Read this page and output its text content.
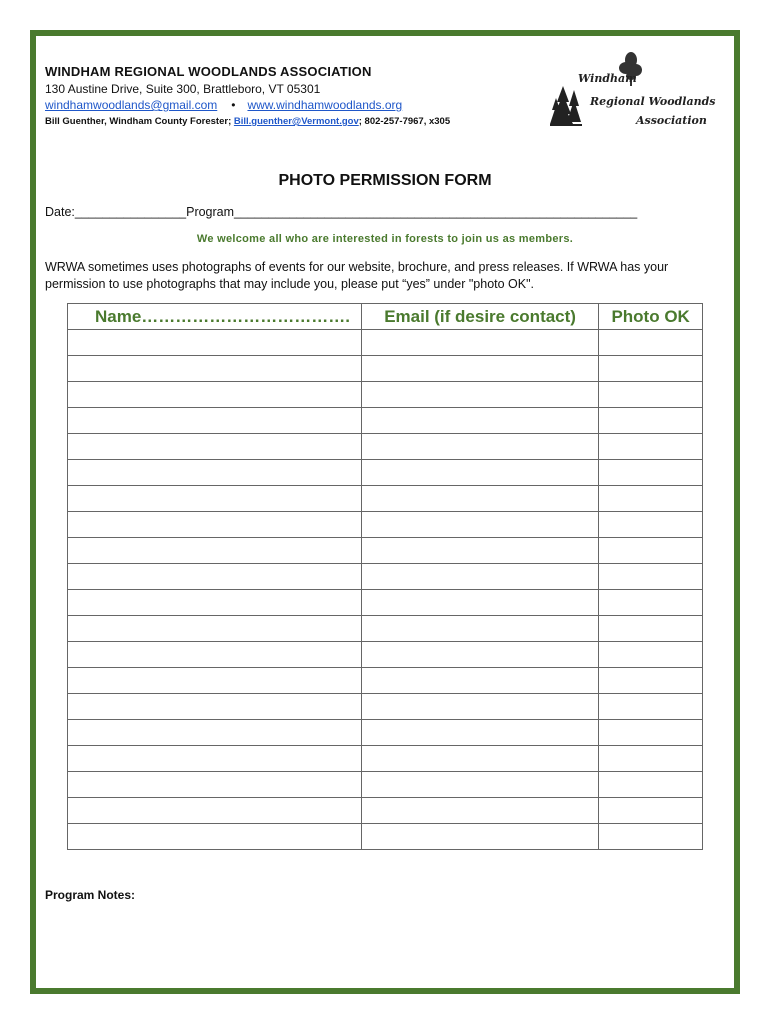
WINDHAM REGIONAL WOODLANDS ASSOCIATION
130 Austine Drive, Suite 300, Brattleboro, VT 05301
windhamwoodlands@gmail.com • www.windhamwoodlands.org
Bill Guenther, Windham County Forester; Bill.guenther@Vermont.gov; 802-257-7967, x305
Windham
Regional Woodlands
Association
PHOTO PERMISSION FORM
Date:________________Program__________________________________________________________
We welcome all who are interested in forests to join us as members.
WRWA sometimes uses photographs of events for our website, brochure, and press releases. If WRWA has your permission to use photographs that may include you, please put “yes” under "photo OK".
Name……………………………….	Email (if desire contact)	Photo OK

Program Notes:
